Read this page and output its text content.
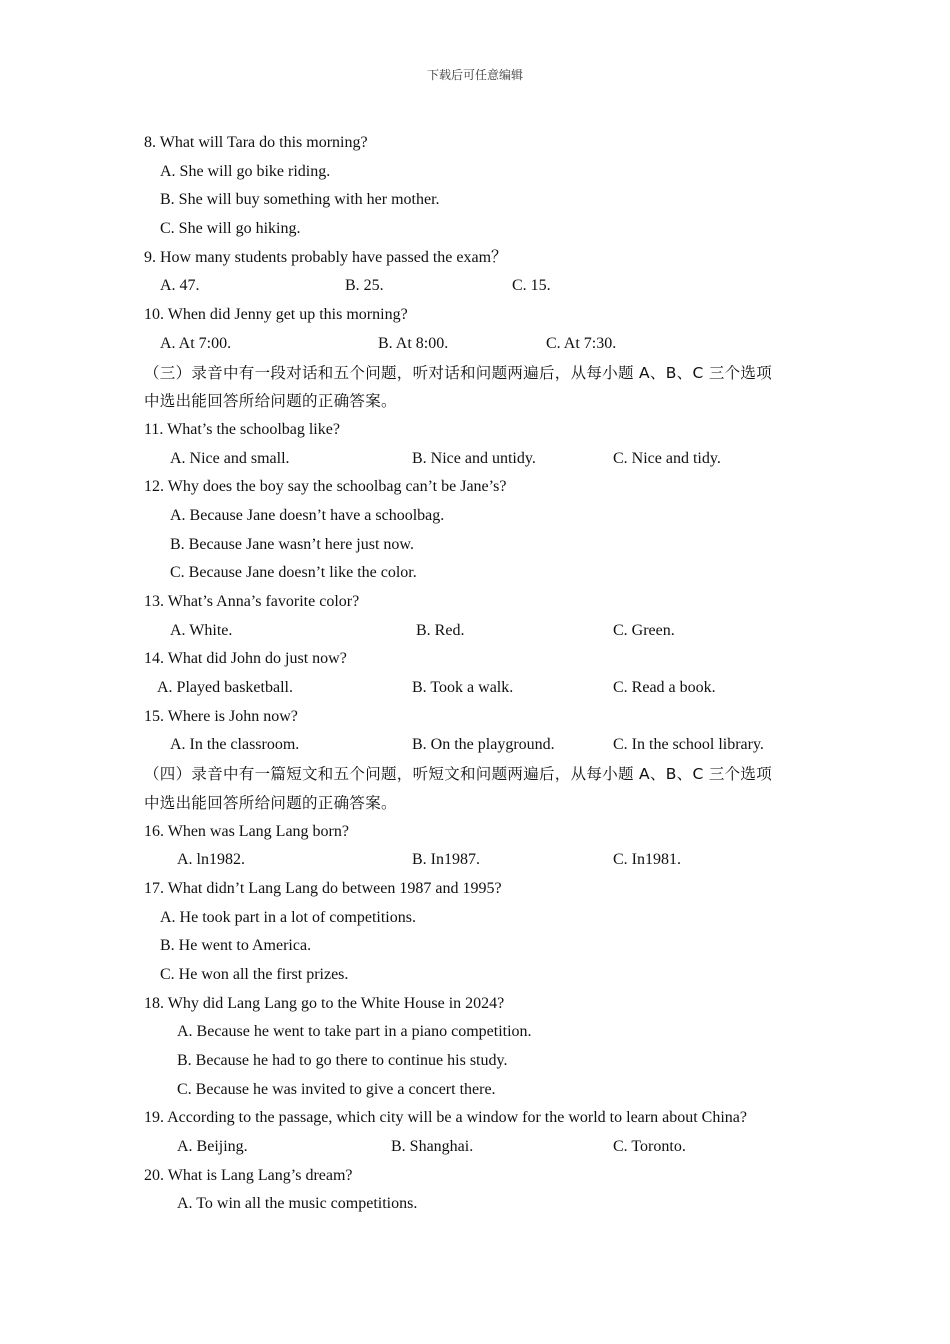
下载后可任意编辑
8. What will Tara do this morning?
A. She will go bike riding.
B. She will buy something with her mother.
C. She will go hiking.
9. How many students probably have passed the exam？
A. 47.	B. 25.	C. 15.
10. When did Jenny get up this morning?
A. At 7:00.	B. At 8:00.	C. At 7:30.
（三）录音中有一段对话和五个问题，听对话和问题两遍后，从每小题 A、B、C 三个选项
中选出能回答所给问题的正确答案。
11. What’s the schoolbag like?
A. Nice and small.	B. Nice and untidy.	C. Nice and tidy.
12. Why does the boy say the schoolbag can’t be Jane’s?
A. Because Jane doesn’t have a schoolbag.
B. Because Jane wasn’t here just now.
C. Because Jane doesn’t like the color.
13. What’s Anna’s favorite color?
A. White.	B. Red.	C. Green.
14. What did John do just now?
A. Played basketball.	B. Took a walk.	C. Read a book.
15. Where is John now?
A. In the classroom.	B. On the playground.	C. In the school library.
（四）录音中有一篇短文和五个问题，听短文和问题两遍后，从每小题 A、B、C 三个选项
中选出能回答所给问题的正确答案。
16. When was Lang Lang born?
A. ln1982.	B. In1987.	C. In1981.
17. What didn’t Lang Lang do between 1987 and 1995?
A. He took part in a lot of competitions.
B. He went to America.
C. He won all the first prizes.
18. Why did Lang Lang go to the White House in 2024?
A. Because he went to take part in a piano competition.
B. Because he had to go there to continue his study.
C. Because he was invited to give a concert there.
19. According to the passage, which city will be a window for the world to learn about China?
A. Beijing.	B. Shanghai.	C. Toronto.
20. What is Lang Lang’s dream?
A. To win all the music competitions.
